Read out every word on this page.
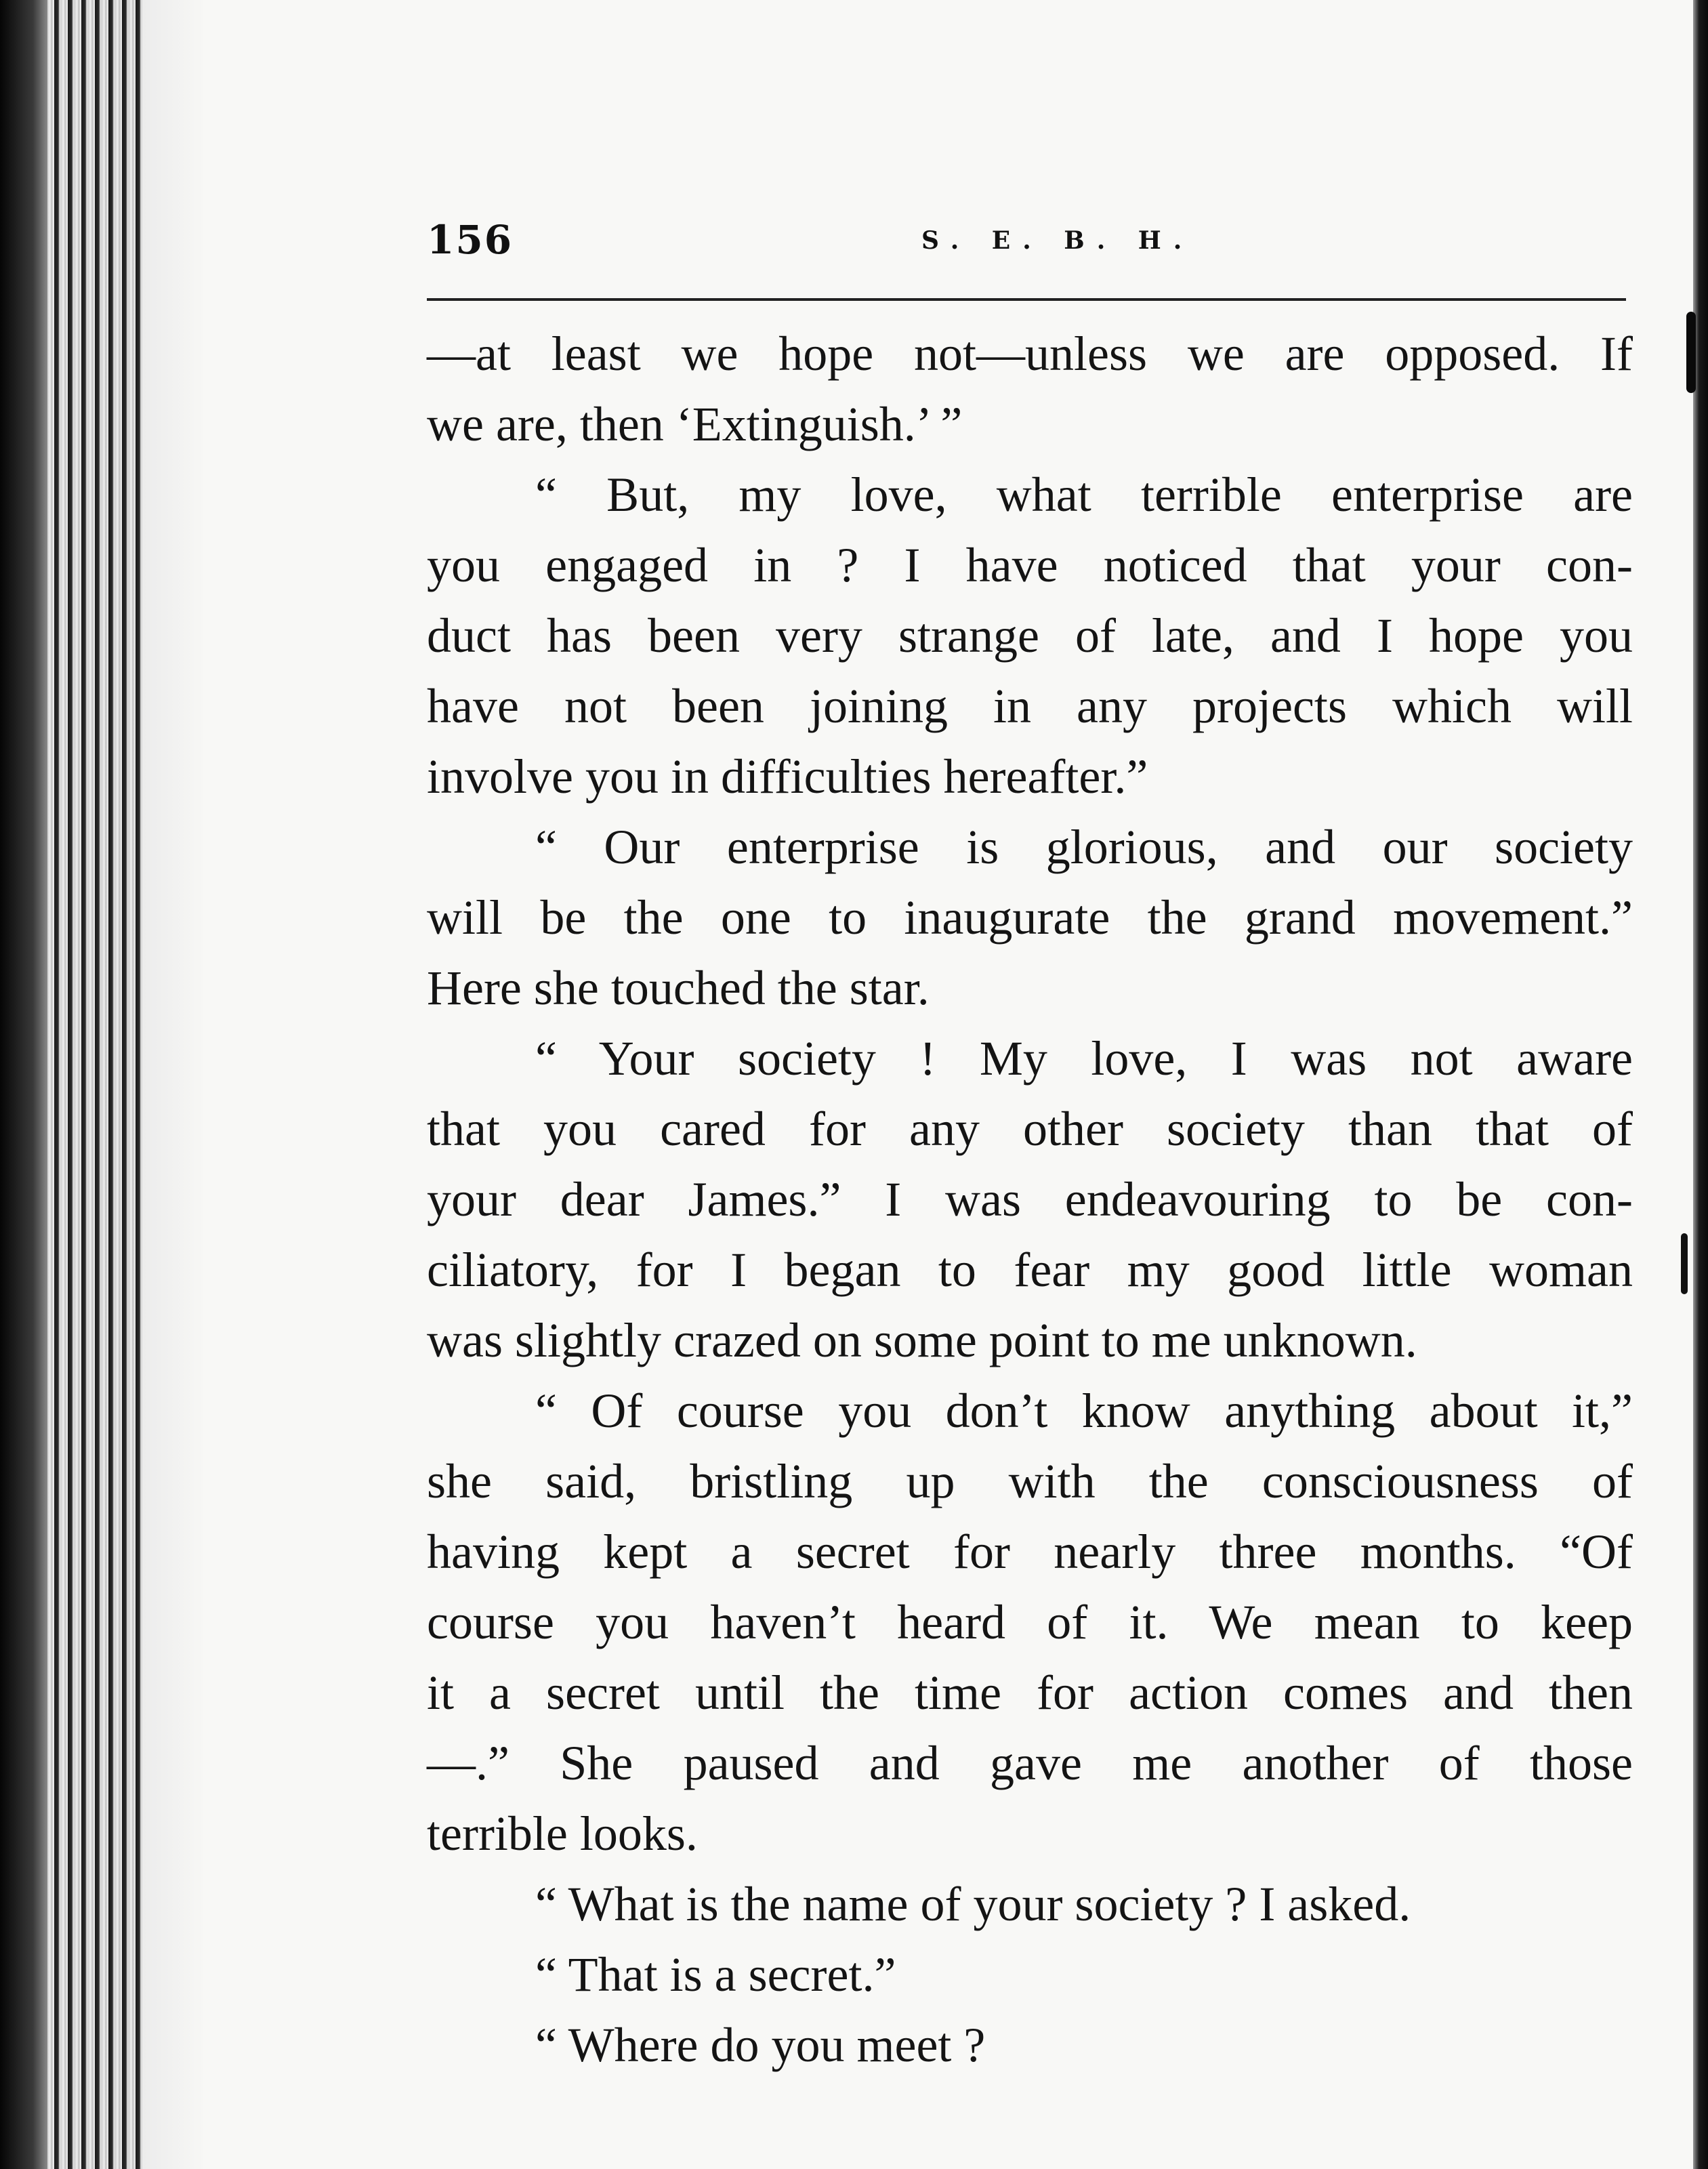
156	S. E. B. H.
—at least we hope not—unless we are opposed. If
we are, then ‘Extinguish.’ ”
“ But, my love, what terrible enterprise are
you engaged in ? I have noticed that your con-
duct has been very strange of late, and I hope you
have not been joining in any projects which will
involve you in difficulties hereafter.”
“ Our enterprise is glorious, and our society
will be the one to inaugurate the grand movement.”
Here she touched the star.
“ Your society ! My love, I was not aware
that you cared for any other society than that of
your dear James.” I was endeavouring to be con-
ciliatory, for I began to fear my good little woman
was slightly crazed on some point to me unknown.
“ Of course you don’t know anything about it,”
she said, bristling up with the consciousness of
having kept a secret for nearly three months. “Of
course you haven’t heard of it. We mean to keep
it a secret until the time for action comes and then
—.” She paused and gave me another of those
terrible looks.
“ What is the name of your society ? I asked.
“ That is a secret.”
“ Where do you meet ?
